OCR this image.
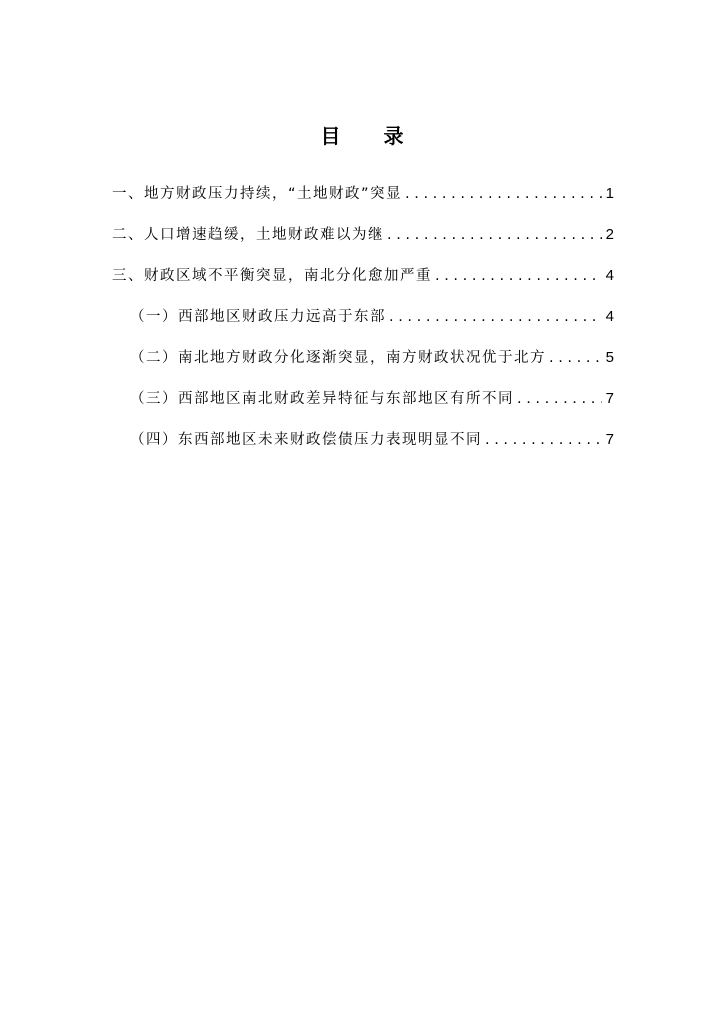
目 录
一、地方财政压力持续，“土地财政”突显 . . .	1
二、人口增速趋缓，土地财政难以为继 . . .	2
三、财政区域不平衡突显，南北分化愈加严重 . . .	4
（一）西部地区财政压力远高于东部 . . .	4
（二）南北地方财政分化逐渐突显，南方财政状况优于北方 . . .	5
（三）西部地区南北财政差异特征与东部地区有所不同 . . .	7
（四）东西部地区未来财政偿债压力表现明显不同 . . .	7
